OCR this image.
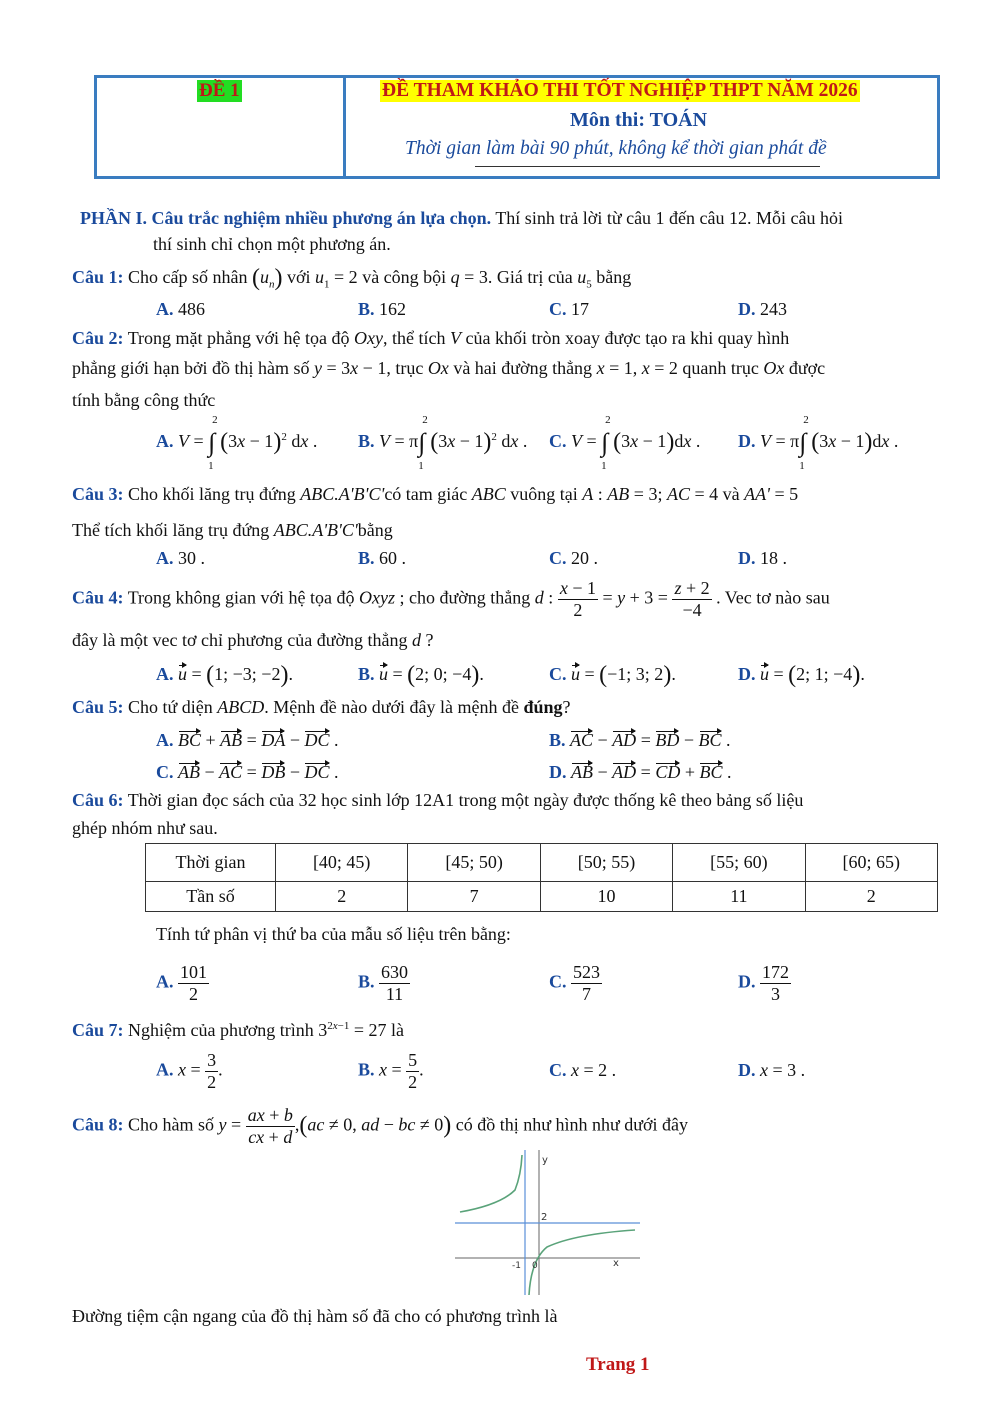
ĐỀ 1	ĐỀ THAM KHẢO THI TỐT NGHIỆP THPT NĂM 2026
Môn thi: TOÁN
Thời gian làm bài 90 phút, không kể thời gian phát đề
PHẦN I. Câu trắc nghiệm nhiều phương án lựa chọn. Thí sinh trả lời từ câu 1 đến câu 12. Mỗi câu hỏi
thí sinh chỉ chọn một phương án.
Câu 1: Cho cấp số nhân $(u_n)$ với $u_1 = 2$ và công bội q = 3. Giá trị của $u_5$ bằng
A. 486	B. 162	C. 17	D. 243
Câu 2: Trong mặt phẳng với hệ tọa độ Oxy, thể tích V của khối tròn xoay được tạo ra khi quay hình
phẳng giới hạn bởi đồ thị hàm số y = 3x − 1, trục Ox và hai đường thẳng x = 1, x = 2 quanh trục Ox được
tính bằng công thức
A. V = ∫
2
1
$(3x - 1)^2$ dx . B. V = π∫
2
1
$(3x - 1)^2$ dx . C. V = ∫
2
1
(3x − 1)dx . D. V = π∫
2
1
(3x − 1)dx .
Câu 3: Cho khối lăng trụ đứng ABC.A'B'C'có tam giác ABC vuông tại A : AB = 3; AC = 4 và AA' = 5
Thể tích khối lăng trụ đứng ABC.A'B'C'bằng
A. 30 .	B. 60 .	C. 20 .	D. 18 .
Câu 4: Trong không gian với hệ tọa độ Oxyz ; cho đường thẳng d : $\frac{x - 1}{2} = y + 3 = \frac{z + 2}{-4}$ . Vec tơ nào sau
đây là một vec tơ chỉ phương của đường thẳng d ?
A. u = (1; −3; −2).	B. u = (2; 0; −4).	C. u = (−1; 3; 2).	D. u = (2; 1; −4).
Câu 5: Cho tứ diện ABCD. Mệnh đề nào dưới đây là mệnh đề đúng?
A. BC + AB = DA − DC .	B. AC − AD = BD − BC .
C. AB − AC = DB − DC .	D. AB − AD = CD + BC .
Câu 6: Thời gian đọc sách của 32 học sinh lớp 12A1 trong một ngày được thống kê theo bảng số liệu
ghép nhóm như sau.
Thời gian	[40; 45)	[45; 50)	[50; 55)	[55; 60)	[60; 65)
Tần số	2	7	10	11	2
Tính tứ phân vị thứ ba của mẫu số liệu trên bằng:
A. $\frac{101}{2}$	B. $\frac{630}{11}$	C. $\frac{523}{7}$	D. $\frac{172}{3}$
Câu 7: Nghiệm của phương trình $3^{2x-1} = 27$ là
A. $x = \frac{3}{2}$ .	B. $x = \frac{5}{2}$ .	C. x = 2 .	D. x = 3 .
Câu 8: Cho hàm số $y = \frac{ax + b}{cx + d} ,(ac \ne 0$, ad − bc ≠ 0) có đồ thị như hình như dưới đây
y
2
-1 0	x
Đường tiệm cận ngang của đồ thị hàm số đã cho có phương trình là
Trang 1
